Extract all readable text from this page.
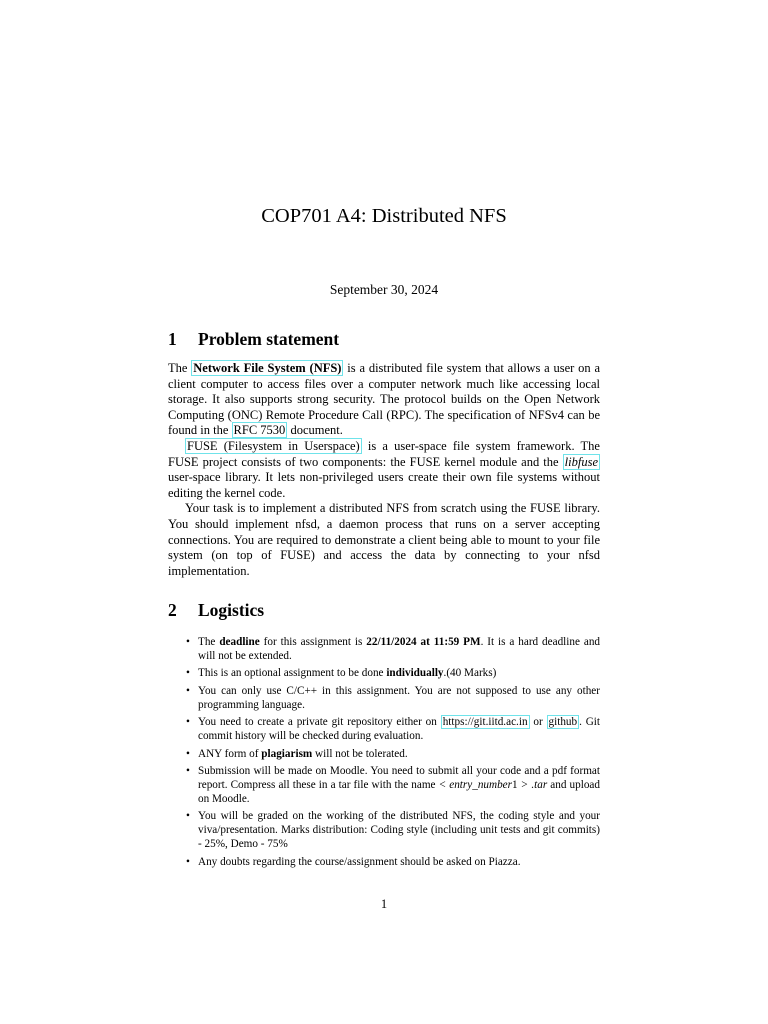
COP701 A4: Distributed NFS
September 30, 2024
1 Problem statement

The Network File System (NFS) is a distributed file system that allows a user on a client computer to access files over a computer network much like accessing local storage. It also supports strong security. The protocol builds on the Open Network Computing (ONC) Remote Procedure Call (RPC). The specification of NFSv4 can be found in the RFC 7530 document.

FUSE (Filesystem in Userspace) is a user-space file system framework. The FUSE project consists of two components: the FUSE kernel module and the libfuse user-space library. It lets non-privileged users create their own file systems without editing the kernel code.

Your task is to implement a distributed NFS from scratch using the FUSE library. You should implement nfsd, a daemon process that runs on a server accepting connections. You are required to demonstrate a client being able to mount to your file system (on top of FUSE) and access the data by connecting to your nfsd implementation.

2 Logistics
• The deadline for this assignment is 22/11/2024 at 11:59 PM. It is a hard deadline and will not be extended.
• This is an optional assignment to be done individually.(40 Marks)
• You can only use C/C++ in this assignment. You are not supposed to use any other programming language.
• You need to create a private git repository either on https://git.iitd.ac.in or github . Git commit history will be checked during evaluation.
• ANY form of plagiarism will not be tolerated.
• Submission will be made on Moodle. You need to submit all your code and a pdf format report. Compress all these in a tar file with the name < entry_number1 > .tar and upload on Moodle.
• You will be graded on the working of the distributed NFS, the coding style and your viva/presentation. Marks distribution: Coding style (including unit tests and git commits) - 25%, Demo - 75%
• Any doubts regarding the course/assignment should be asked on Piazza.
1
